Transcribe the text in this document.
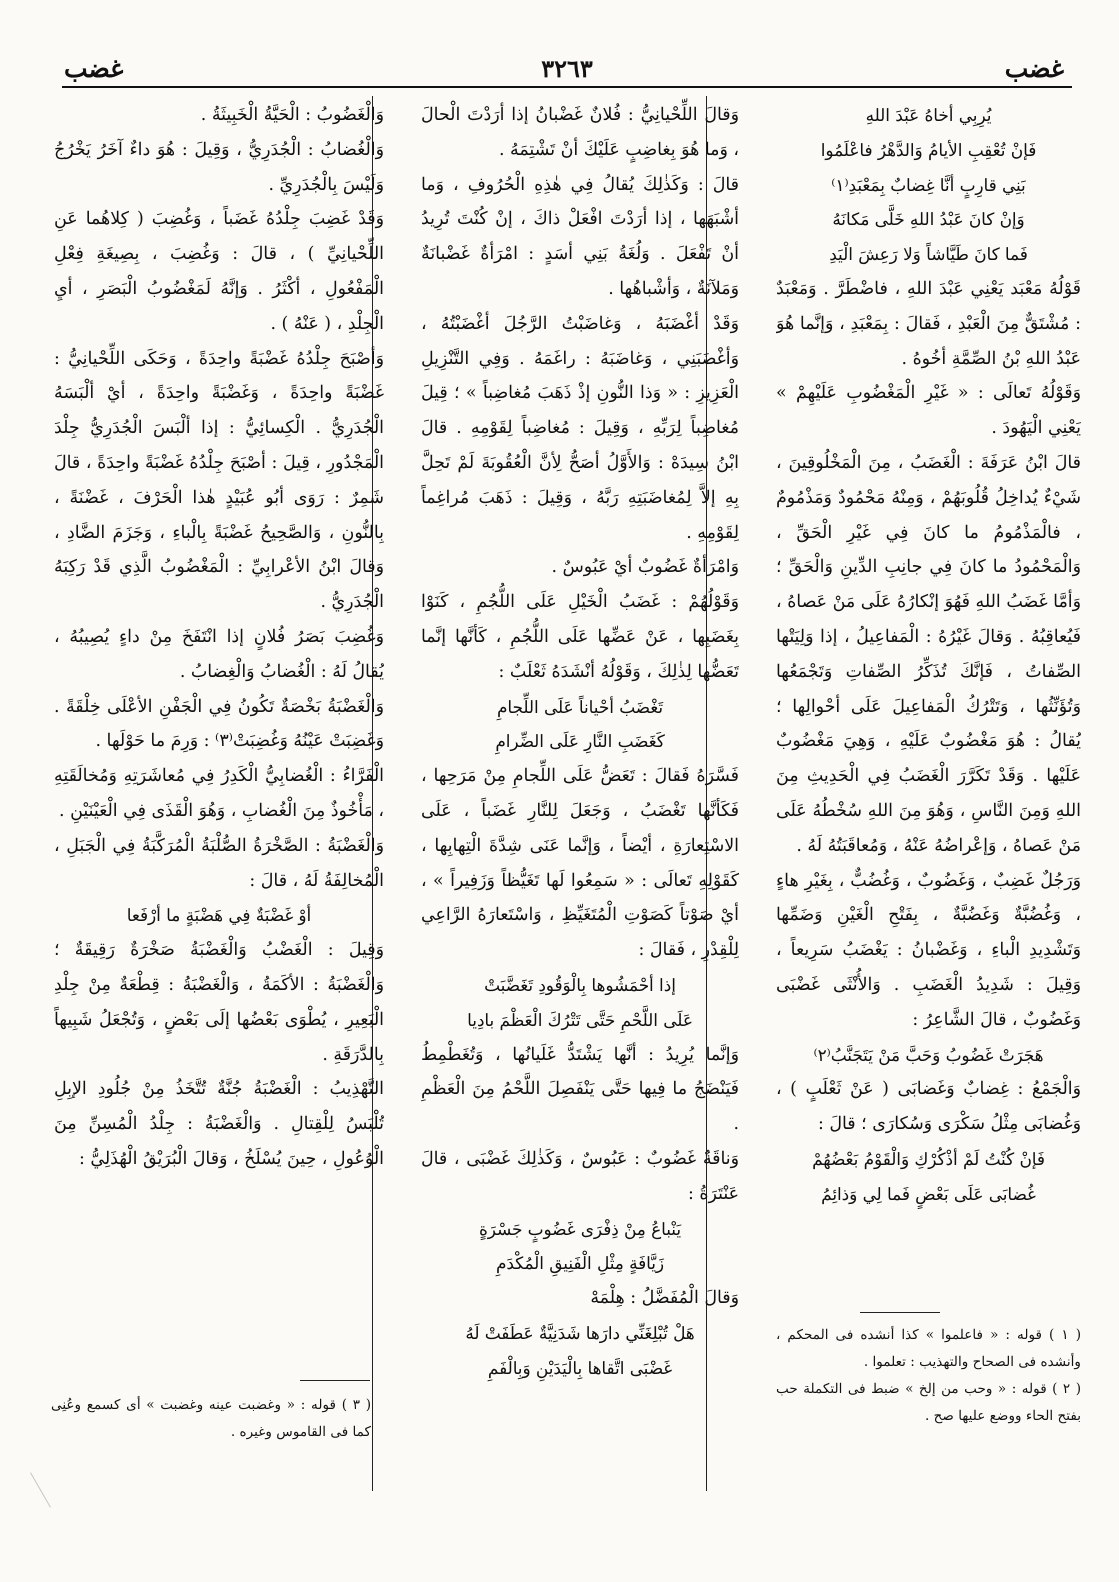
غضب
٣٢٦٣
غضب

يُرِبِي أخاهُ عَبْدَ اللهِ

فَإنْ تُعْقِبِ الأيامُ وَالدَّهْرُ فاعْلَمُوا

بَنِي قارِبٍ أنَّا غِضابٌ بِمَعْبَدِ⁽١⁾

وَإنْ كانَ عَبْدُ اللهِ خَلَّى مَكانَهُ

فَما كانَ طَيَّاشاً وَلا رَعِشَ الْيَدِ

قَوْلُهُ مَعْبَد يَعْنِي عَبْدَ اللهِ ، فاضْطَرَّ . وَمَعْبَدٌ : مُشْتَقٌّ مِنَ الْعَبْدِ ، فَقالَ : بِمَعْبَدِ ، وَإنَّما هُوَ عَبْدُ اللهِ بْنُ الصِّمَّةِ أخُوهُ .

وَقَوْلُهُ تَعالَى : « غَيْرِ الْمَغْضُوبِ عَلَيْهِمْ » يَعْنِي الْيَهُودَ .

قالَ ابْنُ عَرَفَةَ : الْغَضَبُ ، مِنَ الْمَخْلُوقِينَ ، شَيْءٌ يُداخِلُ قُلُوبَهُمْ ، وَمِنْهُ مَحْمُودٌ وَمَذْمُومٌ ، فالْمَذْمُومُ ما كانَ فِي غَيْرِ الْحَقِّ ، وَالْمَحْمُودُ ما كانَ فِي جانِبِ الدِّينِ وَالْحَقِّ ؛ وَأمَّا غَضَبُ اللهِ فَهُوَ إنْكارُهُ عَلَى مَنْ عَصاهُ ، فَيُعاقِبُهُ . وَقالَ غَيْرُهُ : الْمَفاعِيلُ ، إذا وَلِيَتْها الصِّفاتُ ، فَإنَّكَ تُذَكِّرُ الصِّفاتِ وَتَجْمَعُها وَتُؤَنِّثُها ، وَتَتْرُكُ الْمَفاعِيلَ عَلَى أحْوالِها ؛ يُقالُ : هُوَ مَغْضُوبٌ عَلَيْهِ ، وَهِيَ مَغْضُوبٌ عَلَيْها . وَقَدْ تَكَرَّرَ الْغَضَبُ فِي الْحَدِيثِ مِنَ اللهِ وَمِنَ النَّاسِ ، وَهُوَ مِنَ اللهِ سُخْطُهُ عَلَى مَنْ عَصاهُ ، وَإعْراضُهُ عَنْهُ ، وَمُعاقَبَتُهُ لَهُ .

وَرَجُلٌ غَضِبٌ ، وَغَضُوبٌ ، وَغُضُبٌّ ، بِغَيْرِ هاءٍ ، وَغُضُبَّةٌ وَغَضُبَّةٌ ، بِفَتْحِ الْغَيْنِ وَضَمِّها وَتَشْدِيدِ الْباءِ ، وَغَضْبانُ : يَغْضَبُ سَرِيعاً ، وَقِيلَ : شَدِيدُ الْغَضَبِ . وَالأُنْثَى غَضْبَى وَغَضُوبٌ ، قالَ الشَّاعِرُ :

هَجَرَتْ غَضُوبُ وَحَبَّ مَنْ يَتَجَنَّبُ⁽٢⁾

وَالْجَمْعُ : غِضابٌ وَغَضابَى ( عَنْ ثَعْلَبٍ ) ، وَغُضابَى مِثْلُ سَكْرَى وَسُكارَى ؛ قالَ :

فَإنْ كُنْتُ لَمْ أذْكُرْكِ وَالْقَوْمُ بَعْضُهُمْ

غُضابَى عَلَى بَعْضٍ فَما لِي وَذائِمُ

وَقالَ اللِّحْيانِيُّ : فُلانٌ غَضْبانُ إذا أرَدْتَ الْحالَ ، وَما هُوَ بِغاضِبٍ عَلَيْكَ أنْ تَشْتِمَهُ .

قالَ : وَكَذٰلِكَ يُقالُ فِي هٰذِهِ الْحُرُوفِ ، وَما أشْبَهَها ، إذا أرَدْتَ افْعَلْ ذاكَ ، إنْ كُنْتَ تُرِيدُ أنْ تَفْعَلَ . وَلُغَةُ بَنِي أسَدٍ : امْرَأةٌ غَضْبانَةٌ وَمَلآنَةٌ ، وَأشْباهُها .

وَقَدْ أغْضَبَهُ ، وَغاضَبْتُ الرَّجُلَ أغْضَبْتُهُ ، وَأغْضَبَنِي ، وَغاضَبَهُ : راغَمَهُ . وَفِي التَّنْزِيلِ الْعَزِيزِ : « وَذا النُّونِ إذْ ذَهَبَ مُغاضِباً » ؛ قِيلَ مُغاضِباً لِرَبِّهِ ، وَقِيلَ : مُغاضِباً لِقَوْمِهِ . قالَ ابْنُ سِيدَهْ : وَالأَوَّلُ أصَحُّ لِأنَّ الْعُقُوبَةَ لَمْ تَحِلَّ بِهِ إلاَّ لِمُغاضَبَتِهِ رَبَّهُ ، وَقِيلَ : ذَهَبَ مُراغِماً لِقَوْمِهِ .

وَامْرَأةٌ غَضُوبٌ أيْ عَبُوسٌ .

وَقَوْلُهُمْ : غَضَبُ الْخَيْلِ عَلَى اللُّجُمِ ، كَنَوْا بِغَضَبِها ، عَنْ عَضِّها عَلَى اللُّجُمِ ، كَأنَّها إنَّما تَعَضُّها لِذٰلِكَ ، وَقَوْلُهُ أنْشَدَهُ ثَعْلَبٌ :

تَغْضَبُ أحْياناً عَلَى اللِّجامِ

كَغَضَبِ النَّارِ عَلَى الضِّرامِ

فَسَّرَهُ فَقالَ : تَعَضُّ عَلَى اللِّجامِ مِنْ مَرَحِها ، فَكَأنَّها تَغْضَبُ ، وَجَعَلَ لِلنَّارِ غَضَباً ، عَلَى الاسْتِعارَةِ ، أيْضاً ، وَإنَّما عَنَى شِدَّةَ الْتِهابِها ، كَقَوْلِهِ تَعالَى : « سَمِعُوا لَها تَغَيُّظاً وَزَفِيراً » ، أيْ صَوْتاً كَصَوْتِ الْمُتَغَيِّظِ ، وَاسْتَعارَهُ الرَّاعِي لِلْقِدْرِ ، فَقالَ :

إذا أحْمَشُوها بِالْوَقُودِ تَغَضَّبَتْ

عَلَى اللَّحْمِ حَتَّى تَتْرُكَ الْعَظْمَ بادِيا

وَإنَّما يُرِيدُ : أنَّها يَشْتَدُّ غَلَيانُها ، وَتُغَطْمِطُ فَيَنْضَجُ ما فِيها حَتَّى يَنْفَصِلَ اللَّحْمُ مِنَ الْعَظْمِ .

وَناقَةٌ غَضُوبٌ : عَبُوسٌ ، وَكَذٰلِكَ غَضْبَى ، قالَ عَنْتَرَةُ :

يَنْباعُ مِنْ ذِفْرَى غَضُوبٍ جَسْرَةٍ

زَيَّافَةٍ مِثْلِ الْفَنِيقِ الْمُكْدَمِ

وَقالَ الْمُفَضَّلُ : هِلْمَهْ

هَلْ تُبْلِغَنِّي دارَها شَدَنِيَّةٌ عَطَفَتْ لَهُ

غَضْبَى اتَّقاها بِالْيَدَيْنِ وَبِالْفَمِ

وَالْغَضُوبُ : الْحَيَّةُ الْخَبِيثَةُ .

وَالْغُضابُ : الْجُدَرِيُّ ، وَقِيلَ : هُوَ داءٌ آخَرُ يَخْرُجُ وَلَيْسَ بِالْجُدَرِيِّ .

وَقَدْ غَضِبَ جِلْدُهُ غَضَباً ، وَغُضِبَ ( كِلاهُما عَنِ اللِّحْيانِيِّ ) ، قالَ : وَغُضِبَ ، بِصِيغَةِ فِعْلِ الْمَفْعُولِ ، أكْثَرُ . وَإنَّهُ لَمَغْضُوبُ الْبَصَرِ ، أيِ الْجِلْدِ ، ( عَنْهُ ) .

وَأصْبَحَ جِلْدُهُ غَضْبَةً واحِدَةً ، وَحَكَى اللِّحْيانِيُّ : غَضْبَةً واحِدَةً ، وَغَضْبَةً واحِدَةً ، أيْ ألْبَسَهُ الْجُدَرِيُّ . الْكِسائِيُّ : إذا ألْبَسَ الْجُدَرِيُّ جِلْدَ الْمَجْدُورِ ، قِيلَ : أصْبَحَ جِلْدُهُ غَضْبَةً واحِدَةً ، قالَ شَمِرٌ : رَوَى أبُو عُبَيْدٍ هٰذا الْحَرْفَ ، غَضْنَةً ، بِالنُّونِ ، وَالصَّحِيحُ غَضْبَةً بِالْباءِ ، وَجَزَمَ الضَّادِ ، وَقالَ ابْنُ الأعْرابِيِّ : الْمَغْضُوبُ الَّذِي قَدْ رَكِبَهُ الْجُدَرِيُّ .

وَغُضِبَ بَصَرُ فُلانٍ إذا انْتَفَخَ مِنْ داءٍ يُصِيبُهُ ، يُقالُ لَهُ : الْغُضابُ وَالْغِضابُ .

وَالْغَضْبَةُ بَخْصَةٌ تَكُونُ فِي الْجَفْنِ الأعْلَى خِلْقَةً . وَغَضِبَتْ عَيْنُهُ وَغُضِبَتْ⁽٣⁾ : وَرِمَ ما حَوْلَها .

الْفَرَّاءُ : الْغُضابِيُّ الْكَدِرُ فِي مُعاشَرَتِهِ وَمُخالَقَتِهِ ، مَأْخُوذٌ مِنَ الْغُضابِ ، وَهُوَ الْقَذَى فِي الْعَيْنَيْنِ .

وَالْغَضْبَةُ : الصَّخْرَةُ الصُّلْبَةُ الْمُرَكَّبَةُ فِي الْجَبَلِ ، الْمُخالِفَةُ لَهُ ، قالَ :

أوْ غَضْبَةٌ فِي هَضْبَةٍ ما أرْفَعا

وَقِيلَ : الْغَضْبُ وَالْغَضْبَةُ صَخْرَةٌ رَقِيقَةٌ ؛ وَالْغَضْبَةُ : الأكَمَةُ ، وَالْغَضْبَةُ : قِطْعَةٌ مِنْ جِلْدِ الْبَعِيرِ ، يُطْوَى بَعْضُها إلَى بَعْضٍ ، وَتُجْعَلُ شَبِيهاً بِالدَّرَقَةِ .

التَّهْذِيبُ : الْغَضْبَةُ جُنَّةٌ تُتَّخَذُ مِنْ جُلُودِ الإبِلِ تُلْبَسُ لِلْقِتالِ . وَالْغَضْبَةُ : جِلْدُ الْمُسِنِّ مِنَ الْوُعُولِ ، حِينَ يُسْلَخُ ، وَقالَ الْبُرَيْقُ الْهُذَلِيُّ :

( ١ ) قوله : « فاعلموا » كذا أنشده فى المحكم ، وأنشده فى الصحاح والتهذيب : تعلموا .

( ٢ ) قوله : « وحب من إلخ » ضبط فى التكملة حب بفتح الحاء ووضع عليها صح .

( ٣ ) قوله : « وغضبت عينه وغضبت » أى كسمع وعُنِى كما فى القاموس وغيره .
